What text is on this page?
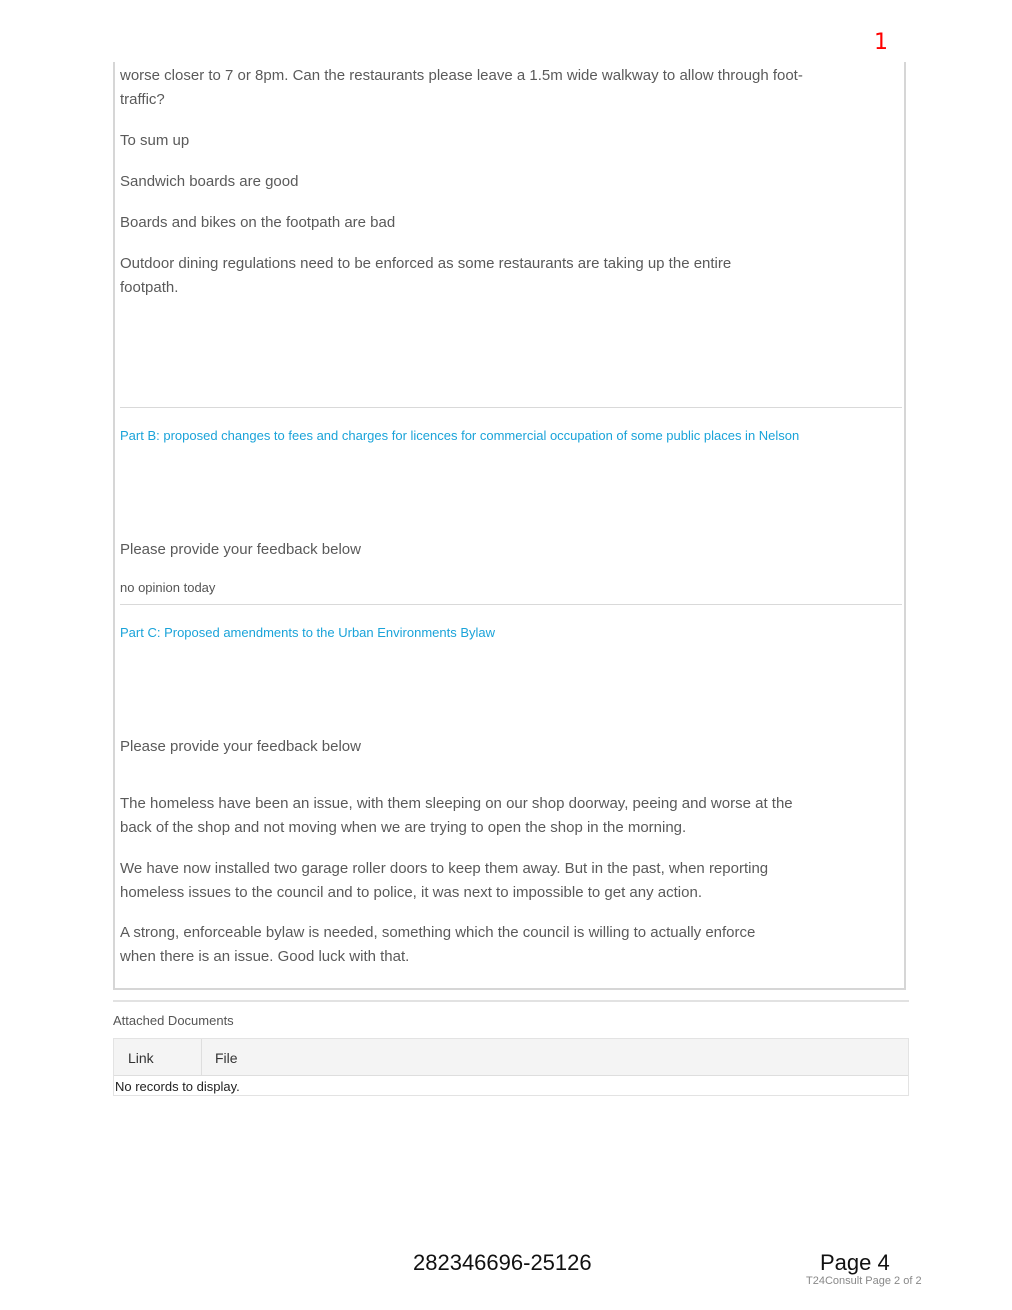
1

worse closer to 7 or 8pm. Can the restaurants please leave a 1.5m wide walkway to allow through foot-traffic?

To sum up

Sandwich boards are good

Boards and bikes on the footpath are bad

Outdoor dining regulations need to be enforced as some restaurants are taking up the entire footpath.

Part B: proposed changes to fees and charges for licences for commercial occupation of some public places in Nelson

Please provide your feedback below

no opinion today
Part C: Proposed amendments to the Urban Environments Bylaw

Please provide your feedback below

The homeless have been an issue, with them sleeping on our shop doorway, peeing and worse at the back of the shop and not moving when we are trying to open the shop in the morning.

We have now installed two garage roller doors to keep them away. But in the past, when reporting homeless issues to the council and to police, it was next to impossible to get any action.

A strong, enforceable bylaw is needed, something which the council is willing to actually enforce when there is an issue. Good luck with that.

Attached Documents
Link	File
No records to display.
282346696-25126	Page 4
T24Consult Page 2 of 2
